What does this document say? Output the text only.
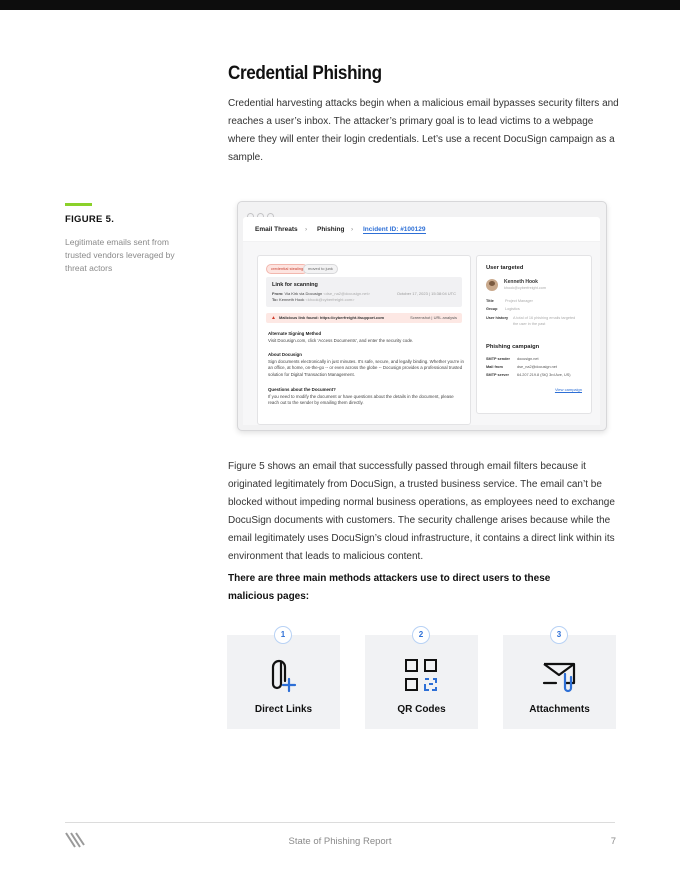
Credential Phishing

Credential harvesting attacks begin when a malicious email bypasses security filters and reaches a user’s inbox. The attacker’s primary goal is to lead victims to a webpage where they will enter their login credentials. Let’s use a recent DocuSign campaign as a sample.

FIGURE 5.

Legitimate emails sent from trusted vendors leveraged by threat actors

Email Threats › Phishing › Incident ID: #100129
credential stealing	moved to junk
Link for scanning
From: Via Kirk via Docusign <dse_na2@docusign.net>
To: Kenneth Hook <khook@cyberfreight.com>
October 17, 2023 | 15:38:04 UTC
▲ Malicious link found: https://cyberfreight.itsupport.com	Screenshot | URL analysis
Alternate Signing Method
Visit Docusign.com, click 'Access Documents', and enter the security code.
About Docusign
Sign documents electronically in just minutes. It's safe, secure, and legally binding. Whether you're in an office, at home, on-the-go -- or even across the globe -- Docusign provides a professional trusted solution for Digital Transaction Management.
Questions about the Document?
If you need to modify the document or have questions about the details in the document, please reach out to the sender by emailing them directly.
User targeted
Kenneth Hook
khook@cyberfreight.com
Title	Project Manager
Group Logistics
User history A total of 16 phishing emails targeted the user in the past
Phishing campaign
SMTP sender docusign.net
Mail from	dse_na2@docusign.net
SMTP server 64.207.219.8 (StQ 3rd Ave, US)
View campaign

Figure 5 shows an email that successfully passed through email filters because it originated legitimately from DocuSign, a trusted business service. The email can’t be blocked without impeding normal business operations, as employees need to exchange DocuSign documents with customers. The security challenge arises because while the email legitimately uses DocuSign’s cloud infrastructure, it contains a direct link within its environment that leads to malicious content.

There are three main methods attackers use to direct users to these malicious pages:

Direct Links
1
QR Codes
2
Attachments
3
State of Phishing Report	7
